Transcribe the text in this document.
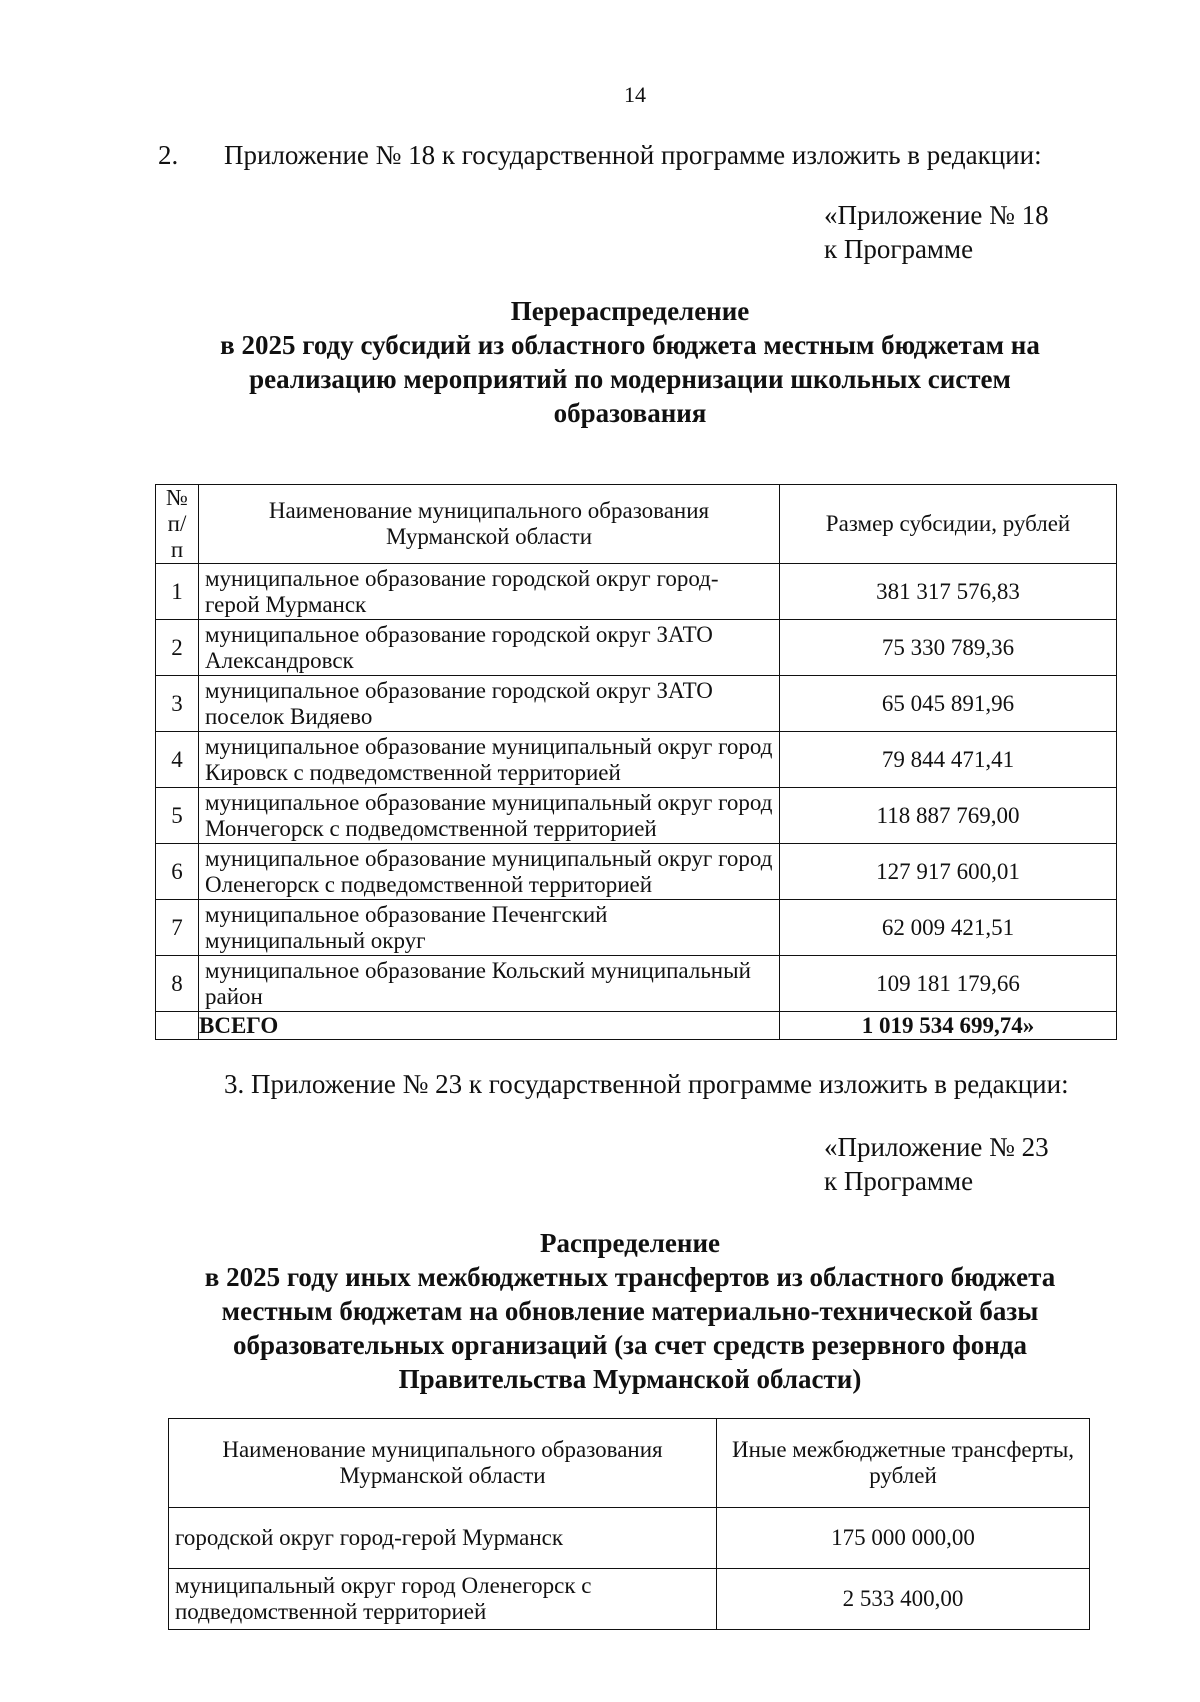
14
2. Приложение № 18 к государственной программе изложить в редакции:
«Приложение № 18
к Программе
Перераспределение
в 2025 году субсидий из областного бюджета местным бюджетам на
реализацию мероприятий по модернизации школьных систем
образования
№ п/п	Наименование муниципального образования Мурманской области	Размер субсидии, рублей
1	муниципальное образование городской округ город-герой Мурманск	381 317 576,83
2	муниципальное образование городской округ ЗАТО Александровск	75 330 789,36
3	муниципальное образование городской округ ЗАТО поселок Видяево	65 045 891,96
4	муниципальное образование муниципальный округ город Кировск с подведомственной территорией	79 844 471,41
5	муниципальное образование муниципальный округ город Мончегорск с подведомственной территорией	118 887 769,00
6	муниципальное образование муниципальный округ город Оленегорск с подведомственной территорией	127 917 600,01
7	муниципальное образование Печенгский муниципальный округ	62 009 421,51
8	муниципальное образование Кольский муниципальный район	109 181 179,66
	ВСЕГО	1 019 534 699,74»
3. Приложение № 23 к государственной программе изложить в редакции:
«Приложение № 23
к Программе
Распределение
в 2025 году иных межбюджетных трансфертов из областного бюджета
местным бюджетам на обновление материально-технической базы
образовательных организаций (за счет средств резервного фонда
Правительства Мурманской области)
Наименование муниципального образования Мурманской области	Иные межбюджетные трансферты, рублей
городской округ город-герой Мурманск	175 000 000,00
муниципальный округ город Оленегорск с подведомственной территорией	2 533 400,00
